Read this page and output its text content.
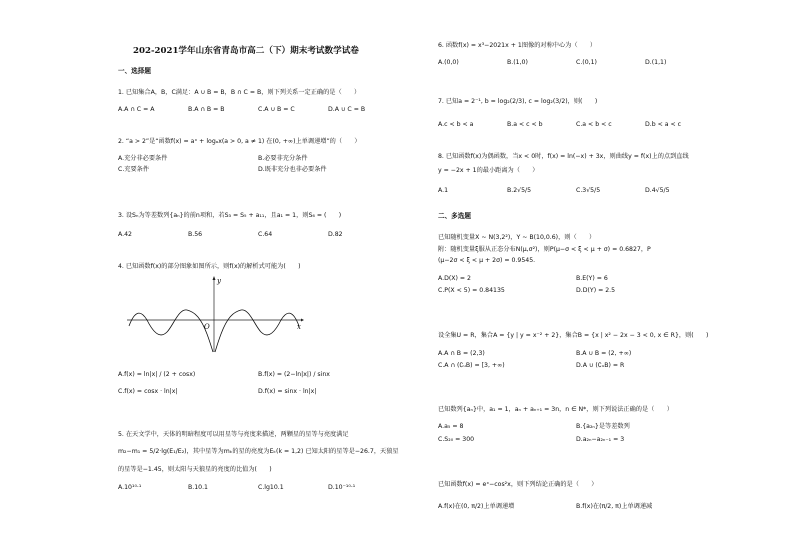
202-2021学年山东省青岛市高二（下）期末考试数学试卷
一、选择题
1. 已知集合A，B，C满足：A ∪ B = B，B ∩ C = B，则下列关系一定正确的是（　　）
A.A ∩ C = A	B.A ∩ B = B	C.A ∪ B = C	D.A ∪ C = B
2. “a > 2”是“函数f(x) = aˣ + logₐx(a > 0, a ≠ 1) 在(0, +∞)上单调递增”的（　　）
A.充分非必要条件	B.必要非充分条件
C.充要条件	D.既非充分也非必要条件
3. 设Sₙ为等差数列{aₙ}的前n项和，若S₃ = S₅ + a₁₁，且a₁ = 1，则S₆ = (　　)
A.42	B.56	C.64	D.82
4. 已知函数f(x)的部分图象如图所示，则f(x)的解析式可能为(　　)
y
x
O
A.f(x) = ln|x| / (2 + cosx)	B.f(x) = (2−ln|x|) / sinx
C.f(x) = cosx · ln|x|	D.f(x) = sinx · ln|x|
5. 在天文学中，天体的明暗程度可以用星等与亮度来描述，两颗星的星等与亮度满足
m₂−m₁ = 5/2·lg(E₁/E₂)，其中星等为mₖ的星的亮度为Eₖ(k = 1,2) 已知太阳的星等是−26.7，天狼星
的星等是−1.45，则太阳与天狼星的亮度的比值为(　　)
A.10¹⁰·¹	B.10.1	C.lg10.1	D.10⁻¹⁰·¹
6. 函数f(x) = x³−2021x + 1图像的对称中心为（　　）
A.(0,0)	B.(1,0)	C.(0,1)	D.(1,1)
7. 已知a = 2⁻¹, b = log₂(2/3), c = log₂(3/2)，则(　　)
A.c < b < a	B.a < c < b	C.a < b < c	D.b < a < c
8. 已知函数f(x)为偶函数，当x < 0时，f(x) = ln(−x) + 3x，则曲线y = f(x)上的点到直线
y = −2x + 1的最小距离为（　　）
A.1	B.2√5/5	C.3√5/5	D.4√5/5
二、多选题
已知随机变量X ~ N(3,2²)，Y ~ B(10,0.6)，则（　　）
附：随机变量ξ服从正态分布N(μ,σ²)，则P(μ−σ < ξ < μ + σ) = 0.6827，P
(μ−2σ < ξ < μ + 2σ) = 0.9545.
A.D(X) = 2	B.E(Y) = 6
C.P(X < 5) = 0.84135	D.D(Y) = 2.5
设全集U = R，集合A = {y | y = x⁻² + 2}，集合B = {x | x² − 2x − 3 < 0, x ∈ R}，则(　　)
A.A ∩ B = (2,3)	B.A ∪ B = (2, +∞)
C.A ∩ (∁ᵤB) = [3, +∞)	D.A ∪ (∁ᵤB) = R
已知数列{aₙ}中，a₁ = 1，aₙ + aₙ₊₁ = 3n，n ∈ N*，则下列说法正确的是（　　）
A.a₅ = 8	B.{a₂ₙ}是等差数列
C.S₂₀ = 300	D.a₂ₙ−a₂ₙ₋₁ = 3
已知函数f(x) = eˣ−cos²x，则下列结论正确的是（　　）
A.f(x)在(0, π/2)上单调递增	B.f(x)在(π/2, π)上单调递减
